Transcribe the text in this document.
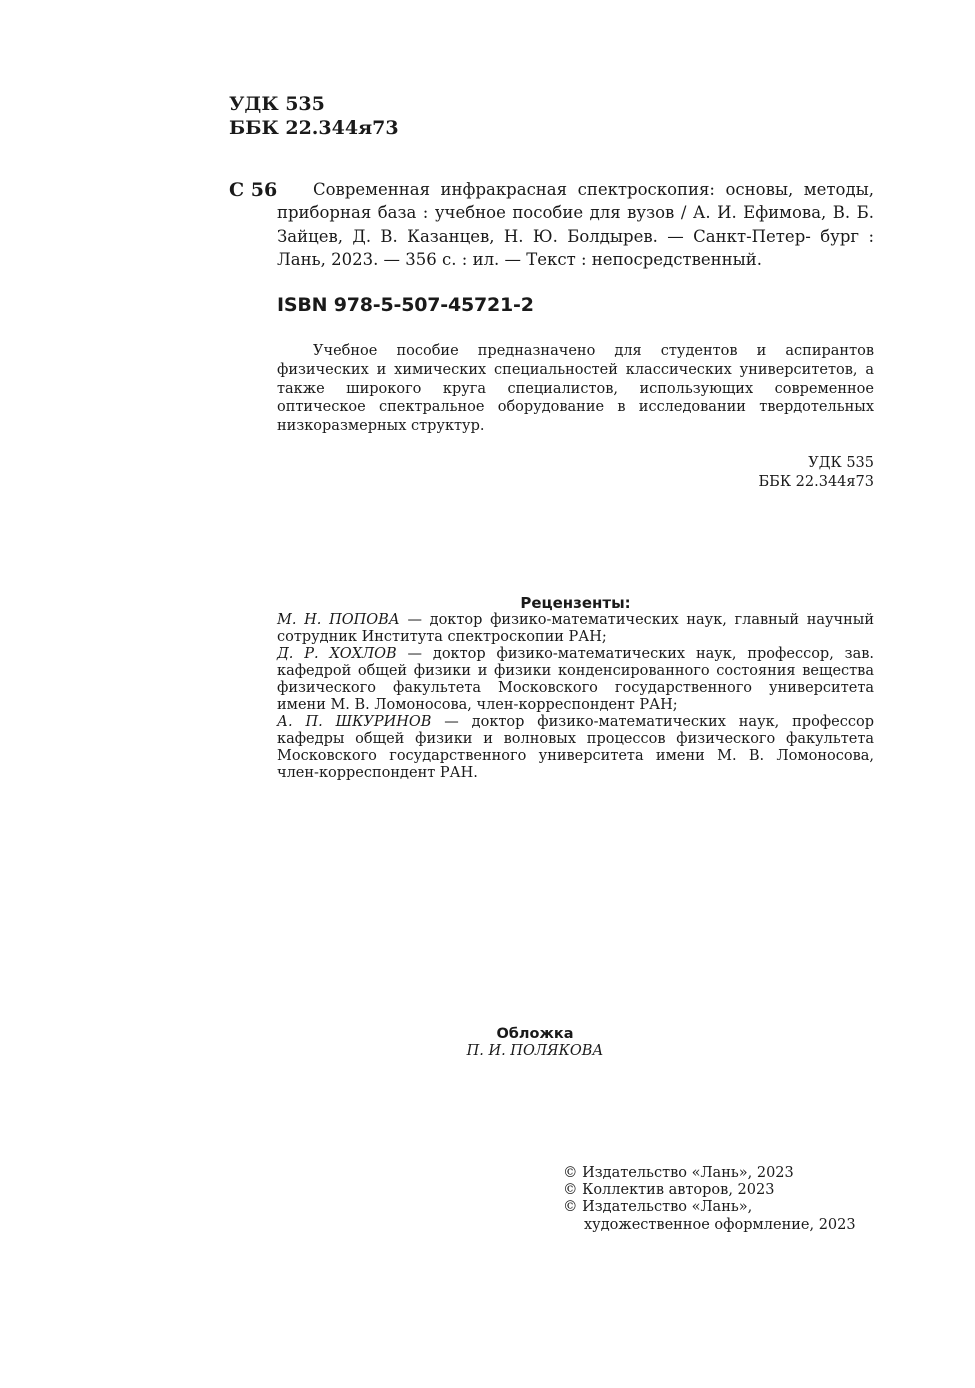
УДК 535
ББК 22.344я73
С 56	Современная инфракрасная спектроскопия: основы, методы, приборная база : учебное пособие для вузов / А. И. Ефимова, В. Б. Зайцев, Д. В. Казанцев, Н. Ю. Болдырев. — Санкт-Петер- бург : Лань, 2023. — 356 с. : ил. — Текст : непосредственный.
ISBN 978-5-507-45721-2
Учебное пособие предназначено для студентов и аспирантов физических и химических специальностей классических университетов, а также широкого круга специалистов, использующих современное оптическое спектральное оборудование в исследовании твердотельных низкоразмерных структур.
УДК 535
ББК 22.344я73
Рецензенты:

М. Н. ПОПОВА — доктор физико-математических наук, главный научный сотрудник Института спектроскопии РАН;

Д. Р. ХОХЛОВ — доктор физико-математических наук, профессор, зав. кафедрой общей физики и физики конденсированного состояния вещества физического факультета Московского государственного университета имени М. В. Ломоносова, член-корреспондент РАН;

А. П. ШКУРИНОВ — доктор физико-математических наук, профессор кафедры общей физики и волновых процессов физического факультета Московского государственного университета имени М. В. Ломоносова, член-корреспондент РАН.

Обложка
П. И. ПОЛЯКОВА
© Издательство «Лань», 2023
© Коллектив авторов, 2023
© Издательство «Лань»,
художественное оформление, 2023
